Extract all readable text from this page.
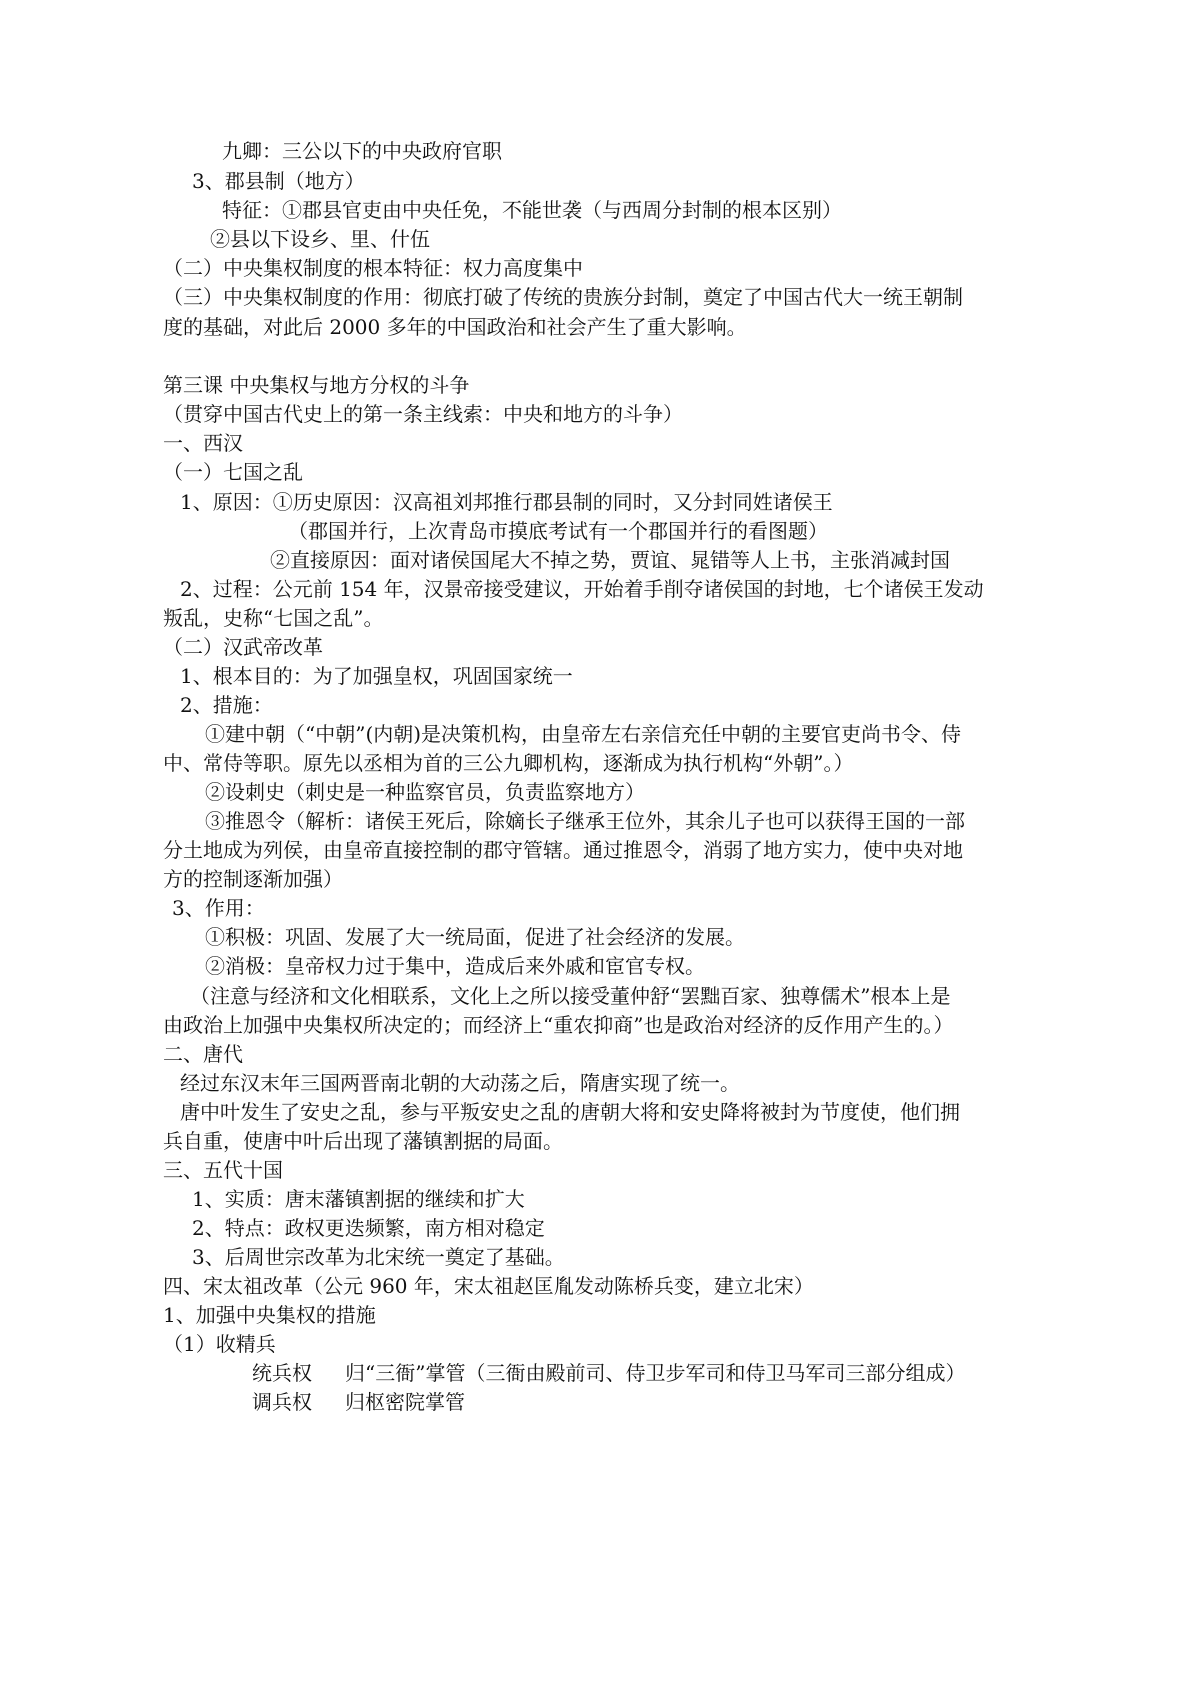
九卿：三公以下的中央政府官职
3、郡县制（地方）
特征：①郡县官吏由中央任免，不能世袭（与西周分封制的根本区别）
②县以下设乡、里、什伍
（二）中央集权制度的根本特征：权力高度集中
（三）中央集权制度的作用：彻底打破了传统的贵族分封制，奠定了中国古代大一统王朝制
度的基础，对此后 2000 多年的中国政治和社会产生了重大影响。
第三课 中央集权与地方分权的斗争
（贯穿中国古代史上的第一条主线索：中央和地方的斗争）
一、西汉
（一）七国之乱
1、原因：①历史原因：汉高祖刘邦推行郡县制的同时，又分封同姓诸侯王
（郡国并行，上次青岛市摸底考试有一个郡国并行的看图题）
②直接原因：面对诸侯国尾大不掉之势，贾谊、晁错等人上书，主张消减封国
2、过程：公元前 154 年，汉景帝接受建议，开始着手削夺诸侯国的封地，七个诸侯王发动
叛乱，史称“七国之乱”。
（二）汉武帝改革
1、根本目的：为了加强皇权，巩固国家统一
2、措施：
①建中朝（“中朝”(内朝)是决策机构，由皇帝左右亲信充任中朝的主要官吏尚书令、侍
中、常侍等职。原先以丞相为首的三公九卿机构，逐渐成为执行机构“外朝”。）
②设刺史（刺史是一种监察官员，负责监察地方）
③推恩令（解析：诸侯王死后，除嫡长子继承王位外，其余儿子也可以获得王国的一部
分土地成为列侯，由皇帝直接控制的郡守管辖。通过推恩令，消弱了地方实力，使中央对地
方的控制逐渐加强）
3、作用：
①积极：巩固、发展了大一统局面，促进了社会经济的发展。
②消极：皇帝权力过于集中，造成后来外戚和宦官专权。
（注意与经济和文化相联系，文化上之所以接受董仲舒“罢黜百家、独尊儒术”根本上是
由政治上加强中央集权所决定的；而经济上“重农抑商”也是政治对经济的反作用产生的。）
二、唐代
经过东汉末年三国两晋南北朝的大动荡之后，隋唐实现了统一。
唐中叶发生了安史之乱，参与平叛安史之乱的唐朝大将和安史降将被封为节度使，他们拥
兵自重，使唐中叶后出现了藩镇割据的局面。
三、五代十国
1、实质：唐末藩镇割据的继续和扩大
2、特点：政权更迭频繁，南方相对稳定
3、后周世宗改革为北宋统一奠定了基础。
四、宋太祖改革（公元 960 年，宋太祖赵匡胤发动陈桥兵变，建立北宋）
1、加强中央集权的措施
（1）收精兵
统兵权 归“三衙”掌管（三衙由殿前司、侍卫步军司和侍卫马军司三部分组成）
调兵权 归枢密院掌管
